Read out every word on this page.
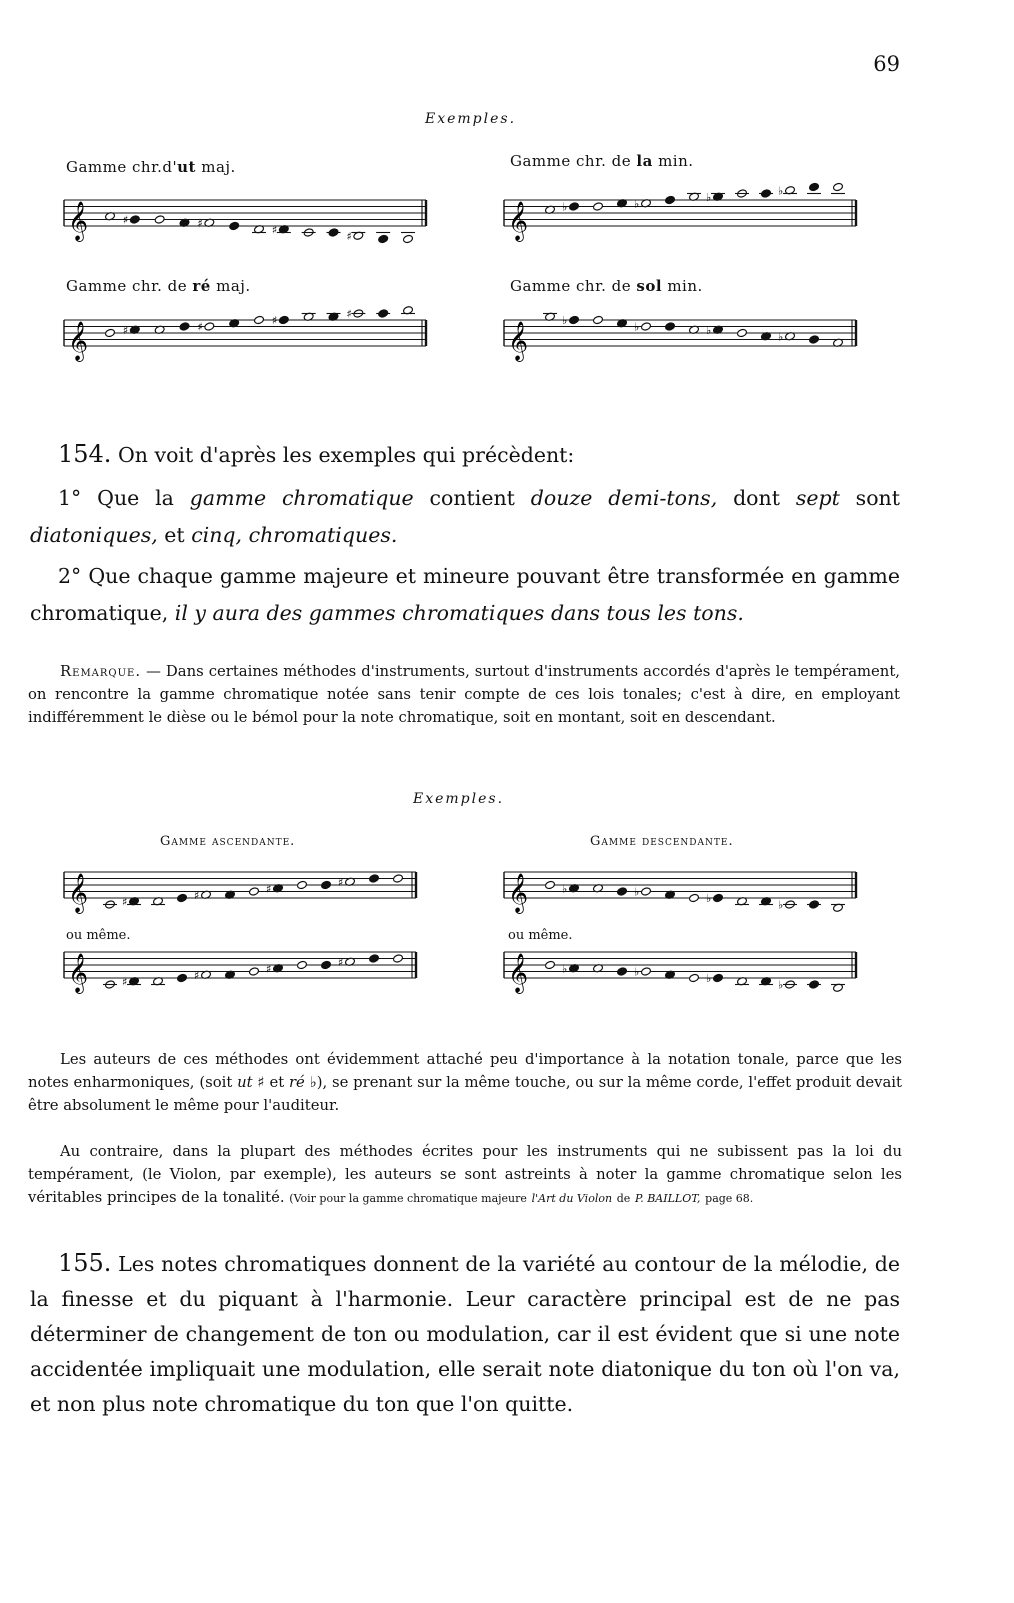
69
Exemples.
Gamme chr.d'ut maj.	Gamme chr. de la min.
Gamme chr. de ré maj.	Gamme chr. de sol min.
𝄞	♯	♯	♯	♯	𝄞	♭	♭	♭	♭
𝄞	♯	♯	♯	♯
𝄞
♭	♭	♭	♭
154. On voit d'après les exemples qui précèdent:
1° Que la gamme chromatique contient douze demi-tons, dont sept sont diatoniques, et cinq, chromatiques.
2° Que chaque gamme majeure et mineure pouvant être transformée en gamme chromatique, il y aura des gammes chromatiques dans tous les tons.
Remarque. — Dans certaines méthodes d'instruments, surtout d'instruments accordés d'après le tempérament, on rencontre la gamme chromatique notée sans tenir compte de ces lois tonales; c'est à dire, en employant indifféremment le dièse ou le bémol pour la note chromatique, soit en montant, soit en descendant.
Exemples.
Gamme ascendante.	Gamme descendante.
𝄞	♯	♯	♯	♯	𝄞	♭	♭	♭	♭
ou même.	ou même.
𝄞	♯	♯	♯	♯	𝄞	♭	♭	♭	♭
Les auteurs de ces méthodes ont évidemment attaché peu d'importance à la notation tonale, parce que les notes enharmoniques, (soit ut ♯ et ré ♭), se prenant sur la même touche, ou sur la même corde, l'effet produit devait être absolument le même pour l'auditeur.
Au contraire, dans la plupart des méthodes écrites pour les instruments qui ne subissent pas la loi du tempérament, (le Violon, par exemple), les auteurs se sont astreints à noter la gamme chromatique selon les véritables principes de la tonalité. (Voir pour la gamme chromatique majeure l'Art du Violon de P. BAILLOT, page 68.
155. Les notes chromatiques donnent de la variété au contour de la mélodie, de la finesse et du piquant à l'harmonie. Leur caractère principal est de ne pas déterminer de changement de ton ou modulation, car il est évident que si une note accidentée impliquait une modulation, elle serait note diatonique du ton où l'on va, et non plus note chromatique du ton que l'on quitte.
